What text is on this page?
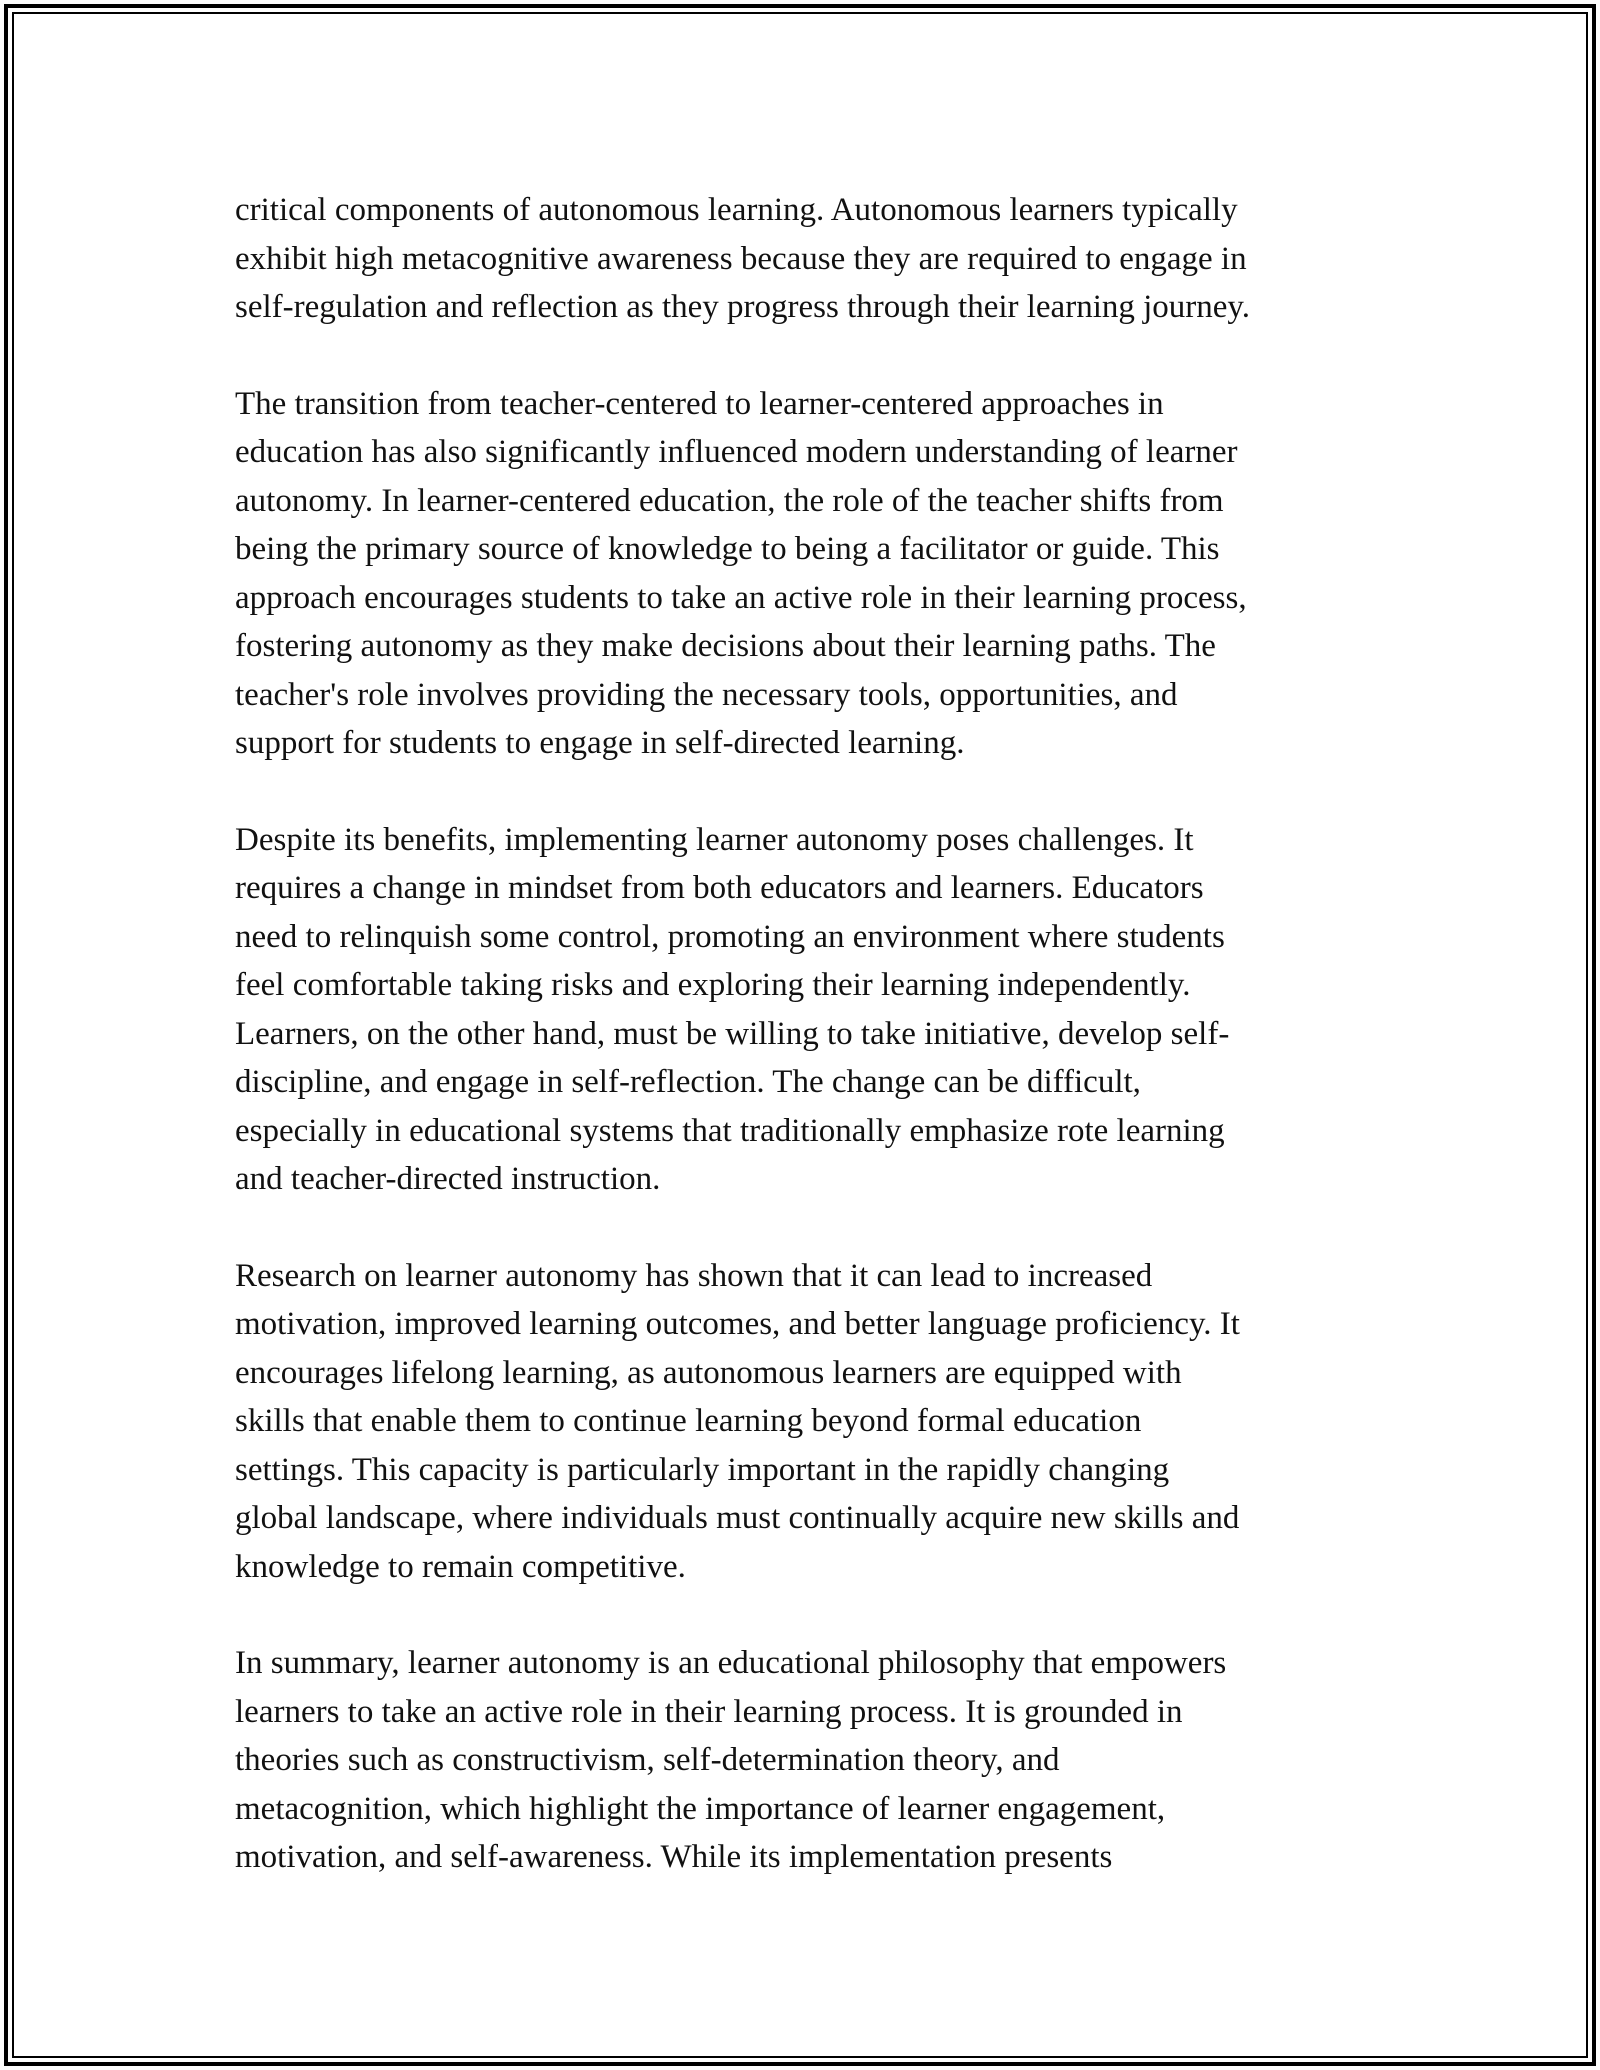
critical components of autonomous learning. Autonomous learners typically
exhibit high metacognitive awareness because they are required to engage in
self-regulation and reflection as they progress through their learning journey.

The transition from teacher-centered to learner-centered approaches in
education has also significantly influenced modern understanding of learner
autonomy. In learner-centered education, the role of the teacher shifts from
being the primary source of knowledge to being a facilitator or guide. This
approach encourages students to take an active role in their learning process,
fostering autonomy as they make decisions about their learning paths. The
teacher's role involves providing the necessary tools, opportunities, and
support for students to engage in self-directed learning.

Despite its benefits, implementing learner autonomy poses challenges. It
requires a change in mindset from both educators and learners. Educators
need to relinquish some control, promoting an environment where students
feel comfortable taking risks and exploring their learning independently.
Learners, on the other hand, must be willing to take initiative, develop self-
discipline, and engage in self-reflection. The change can be difficult,
especially in educational systems that traditionally emphasize rote learning
and teacher-directed instruction.

Research on learner autonomy has shown that it can lead to increased
motivation, improved learning outcomes, and better language proficiency. It
encourages lifelong learning, as autonomous learners are equipped with
skills that enable them to continue learning beyond formal education
settings. This capacity is particularly important in the rapidly changing
global landscape, where individuals must continually acquire new skills and
knowledge to remain competitive.

In summary, learner autonomy is an educational philosophy that empowers
learners to take an active role in their learning process. It is grounded in
theories such as constructivism, self-determination theory, and
metacognition, which highlight the importance of learner engagement,
motivation, and self-awareness. While its implementation presents
